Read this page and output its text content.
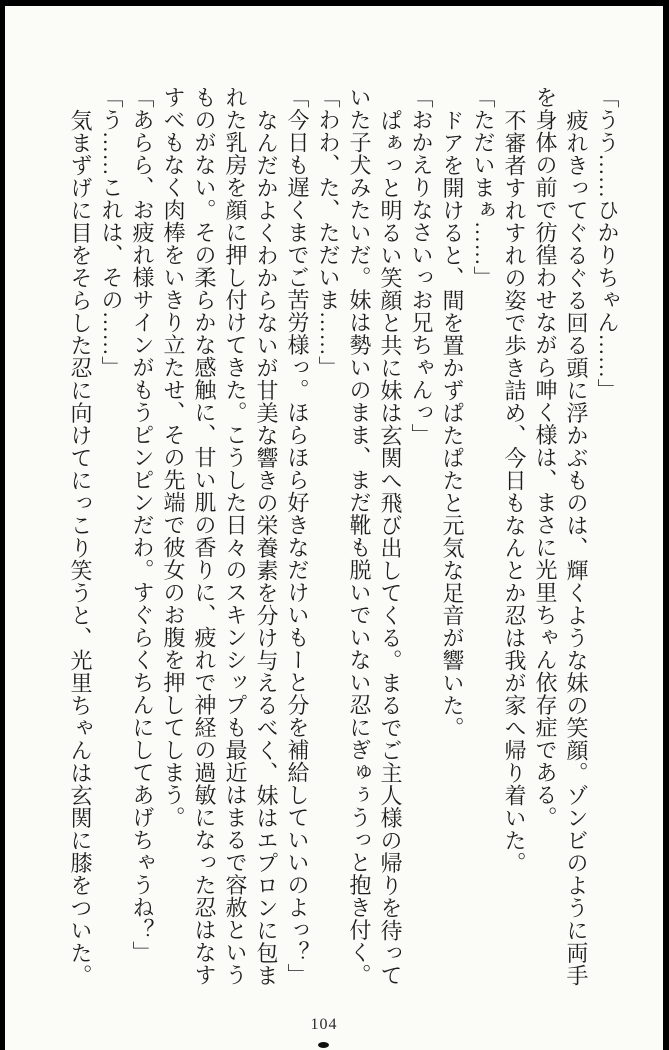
「うう……ひかりちゃん……」

疲れきってぐるぐる回る頭に浮かぶものは、輝くような妹の笑顔。ゾンビのように両手を身体の前で彷徨わせながら呻く様は、まさに光里ちゃん依存症である。

不審者すれすれの姿で歩き詰め、今日もなんとか忍は我が家へ帰り着いた。

「ただいまぁ……」

ドアを開けると、間を置かずぱたぱたと元気な足音が響いた。

「おかえりなさいっお兄ちゃんっ」

ぱぁっと明るい笑顔と共に妹は玄関へ飛び出してくる。まるでご主人様の帰りを待っていた子犬みたいだ。妹は勢いのまま、まだ靴も脱いでいない忍にぎゅぅうっと抱き付く。

「わわ、た、ただいま……」

「今日も遅くまでご苦労様っ。ほらほら好きなだけいもーと分を補給していいのよっ？」

なんだかよくわからないが甘美な響きの栄養素を分け与えるべく、妹はエプロンに包まれた乳房を顔に押し付けてきた。こうした日々のスキンシップも最近はまるで容赦というものがない。その柔らかな感触に、甘い肌の香りに、疲れで神経の過敏になった忍はなすすべもなく肉棒をいきり立たせ、その先端で彼女のお腹を押してしまう。

「あらら、お疲れ様サインがもうピンピンだわ。すぐらくちんにしてあげちゃうね？」

「う……これは、その……」

気まずげに目をそらした忍に向けてにっこり笑うと、光里ちゃんは玄関に膝をついた。

104
